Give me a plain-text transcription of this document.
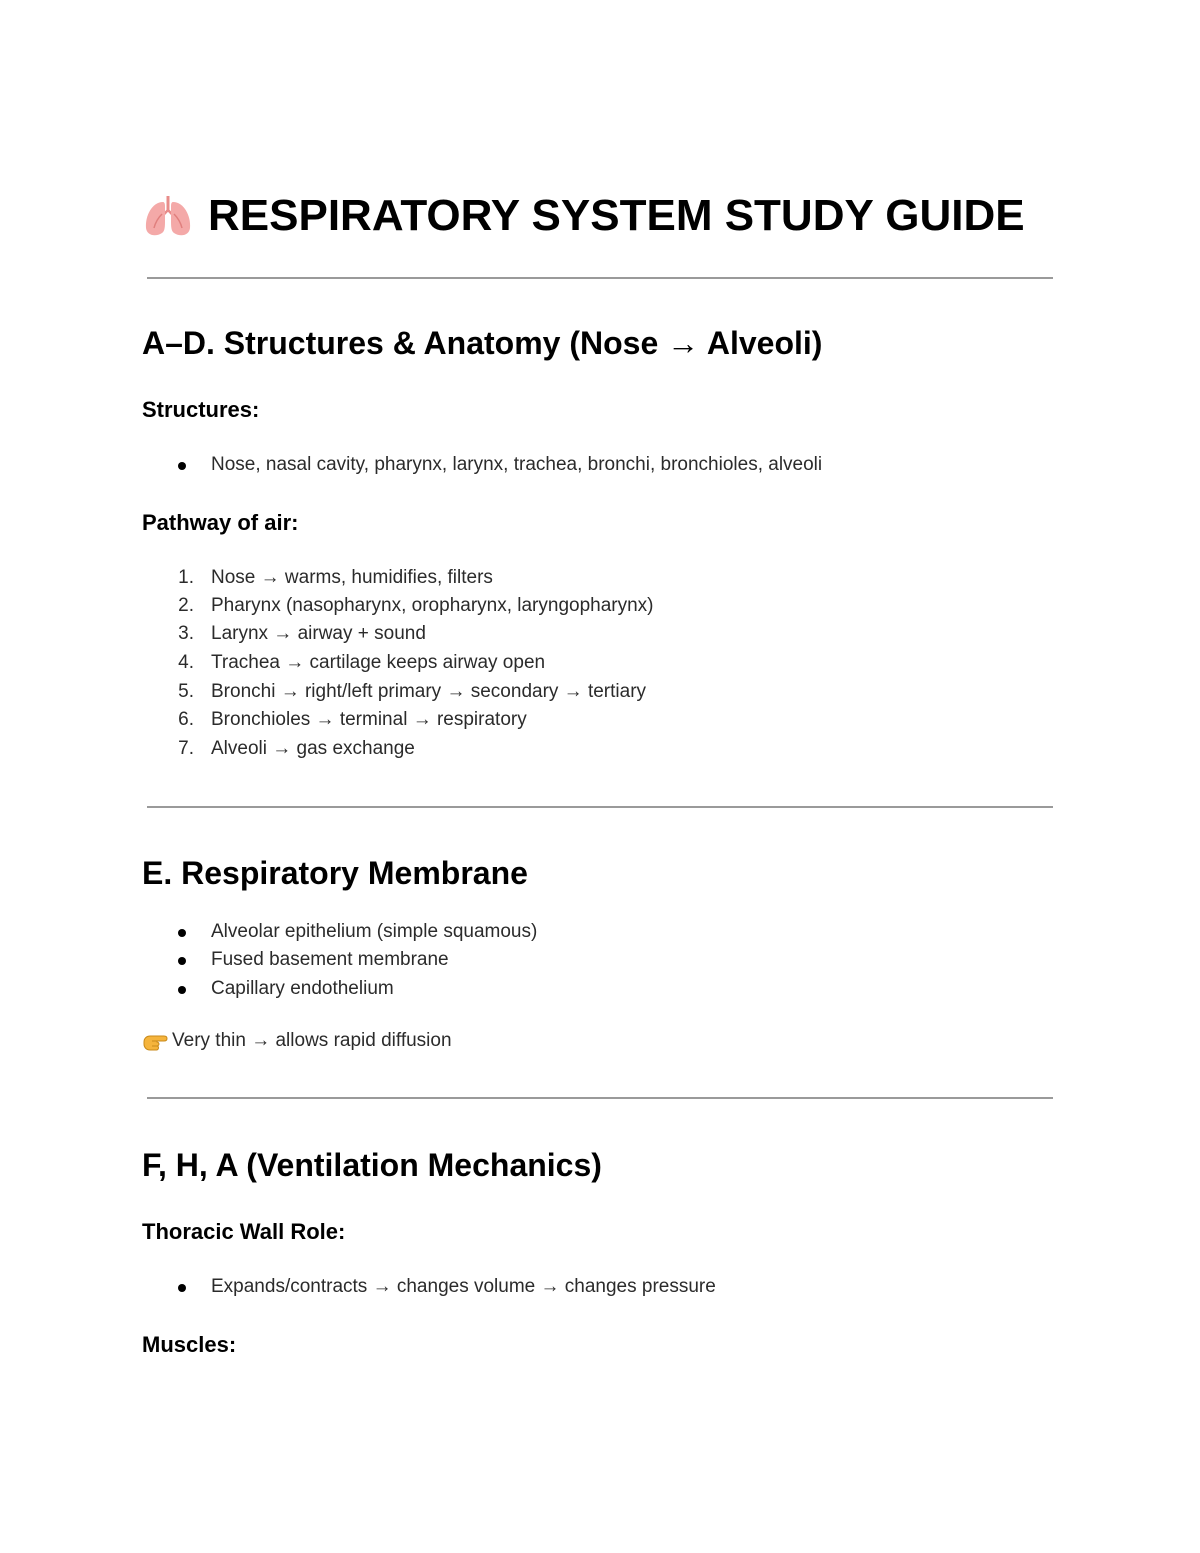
RESPIRATORY SYSTEM STUDY GUIDE
A–D. Structures & Anatomy (Nose → Alveoli)
Structures:
Nose, nasal cavity, pharynx, larynx, trachea, bronchi, bronchioles, alveoli
Pathway of air:
1. Nose → warms, humidifies, filters
2. Pharynx (nasopharynx, oropharynx, laryngopharynx)
3. Larynx → airway + sound
4. Trachea → cartilage keeps airway open
5. Bronchi → right/left primary → secondary → tertiary
6. Bronchioles → terminal → respiratory
7. Alveoli → gas exchange
E. Respiratory Membrane
Alveolar epithelium (simple squamous)
Fused basement membrane
Capillary endothelium
Very thin → allows rapid diffusion
F, H, A (Ventilation Mechanics)
Thoracic Wall Role:
Expands/contracts → changes volume → changes pressure
Muscles:
